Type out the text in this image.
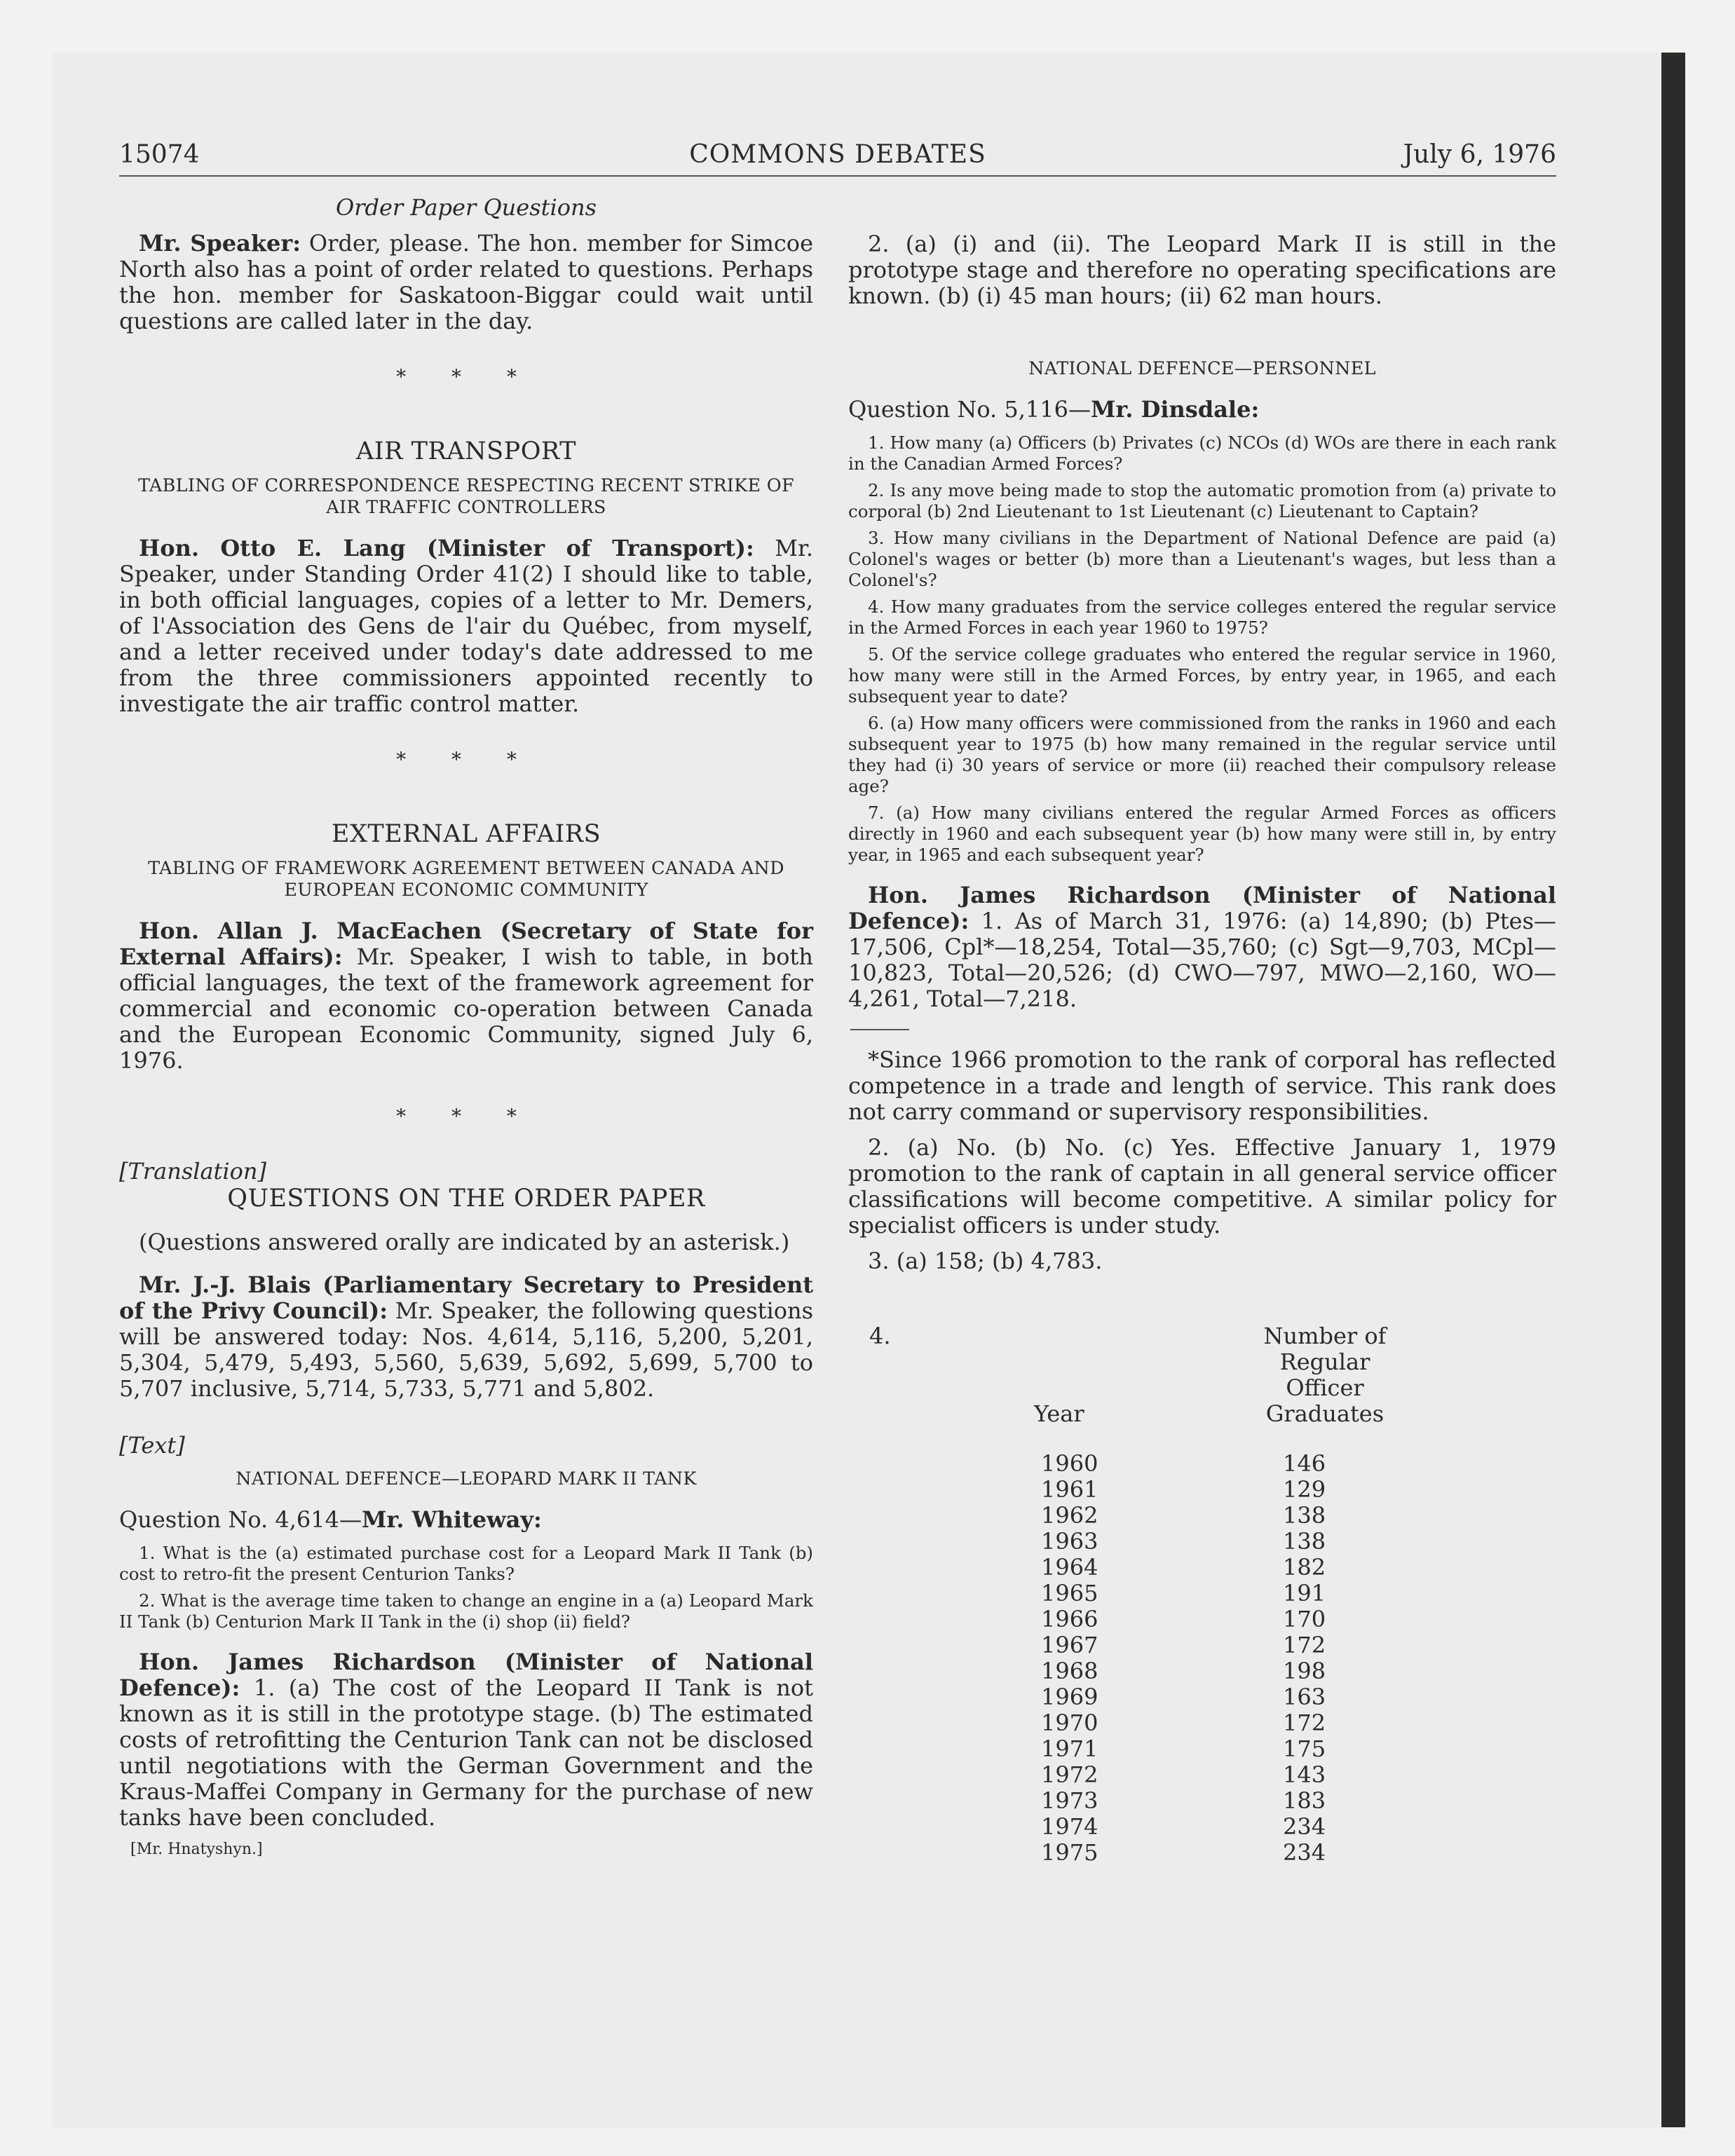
15074	COMMONS DEBATES	July 6, 1976

Order Paper Questions

Mr. Speaker: Order, please. The hon. member for Simcoe North also has a point of order related to questions. Perhaps the hon. member for Saskatoon-Biggar could wait until questions are called later in the day.

* * *

AIR TRANSPORT

TABLING OF CORRESPONDENCE RESPECTING RECENT STRIKE OF AIR TRAFFIC CONTROLLERS

Hon. Otto E. Lang (Minister of Transport): Mr. Speaker, under Standing Order 41(2) I should like to table, in both official languages, copies of a letter to Mr. Demers, of l'Association des Gens de l'air du Québec, from myself, and a letter received under today's date addressed to me from the three commissioners appointed recently to investigate the air traffic control matter.

* * *

EXTERNAL AFFAIRS

TABLING OF FRAMEWORK AGREEMENT BETWEEN CANADA AND EUROPEAN ECONOMIC COMMUNITY

Hon. Allan J. MacEachen (Secretary of State for External Affairs): Mr. Speaker, I wish to table, in both official languages, the text of the framework agreement for commercial and economic co-operation between Canada and the European Economic Community, signed July 6, 1976.

* * *

[Translation]

QUESTIONS ON THE ORDER PAPER

(Questions answered orally are indicated by an asterisk.)

Mr. J.-J. Blais (Parliamentary Secretary to President of the Privy Council): Mr. Speaker, the following questions will be answered today: Nos. 4,614, 5,116, 5,200, 5,201, 5,304, 5,479, 5,493, 5,560, 5,639, 5,692, 5,699, 5,700 to 5,707 inclusive, 5,714, 5,733, 5,771 and 5,802.

[Text]

NATIONAL DEFENCE—LEOPARD MARK II TANK

Question No. 4,614—Mr. Whiteway:

1. What is the (a) estimated purchase cost for a Leopard Mark II Tank (b) cost to retro-fit the present Centurion Tanks?

2. What is the average time taken to change an engine in a (a) Leopard Mark II Tank (b) Centurion Mark II Tank in the (i) shop (ii) field?

Hon. James Richardson (Minister of National Defence): 1. (a) The cost of the Leopard II Tank is not known as it is still in the prototype stage. (b) The estimated costs of retrofitting the Centurion Tank can not be disclosed until negotiations with the German Government and the Kraus-Maffei Company in Germany for the purchase of new tanks have been concluded.

[Mr. Hnatyshyn.]

2. (a) (i) and (ii). The Leopard Mark II is still in the prototype stage and therefore no operating specifications are known. (b) (i) 45 man hours; (ii) 62 man hours.

NATIONAL DEFENCE—PERSONNEL

Question No. 5,116—Mr. Dinsdale:

1. How many (a) Officers (b) Privates (c) NCOs (d) WOs are there in each rank in the Canadian Armed Forces?

2. Is any move being made to stop the automatic promotion from (a) private to corporal (b) 2nd Lieutenant to 1st Lieutenant (c) Lieutenant to Captain?

3. How many civilians in the Department of National Defence are paid (a) Colonel's wages or better (b) more than a Lieutenant's wages, but less than a Colonel's?

4. How many graduates from the service colleges entered the regular service in the Armed Forces in each year 1960 to 1975?

5. Of the service college graduates who entered the regular service in 1960, how many were still in the Armed Forces, by entry year, in 1965, and each subsequent year to date?

6. (a) How many officers were commissioned from the ranks in 1960 and each subsequent year to 1975 (b) how many remained in the regular service until they had (i) 30 years of service or more (ii) reached their compulsory release age?

7. (a) How many civilians entered the regular Armed Forces as officers directly in 1960 and each subsequent year (b) how many were still in, by entry year, in 1965 and each subsequent year?

Hon. James Richardson (Minister of National Defence): 1. As of March 31, 1976: (a) 14,890; (b) Ptes—17,506, Cpl*—18,254, Total—35,760; (c) Sgt—9,703, MCpl—10,823, Total—20,526; (d) CWO—797, MWO—2,160, WO—4,261, Total—7,218.

*Since 1966 promotion to the rank of corporal has reflected competence in a trade and length of service. This rank does not carry command or supervisory responsibilities.

2. (a) No. (b) No. (c) Yes. Effective January 1, 1979 promotion to the rank of captain in all general service officer classifications will become competitive. A similar policy for specialist officers is under study.

3. (a) 158; (b) 4,783.

4.
Year
Number of
Regular
Officer
Graduates
1960	146
1961	129
1962	138
1963	138
1964	182
1965	191
1966	170
1967	172
1968	198
1969	163
1970	172
1971	175
1972	143
1973	183
1974	234
1975	234
